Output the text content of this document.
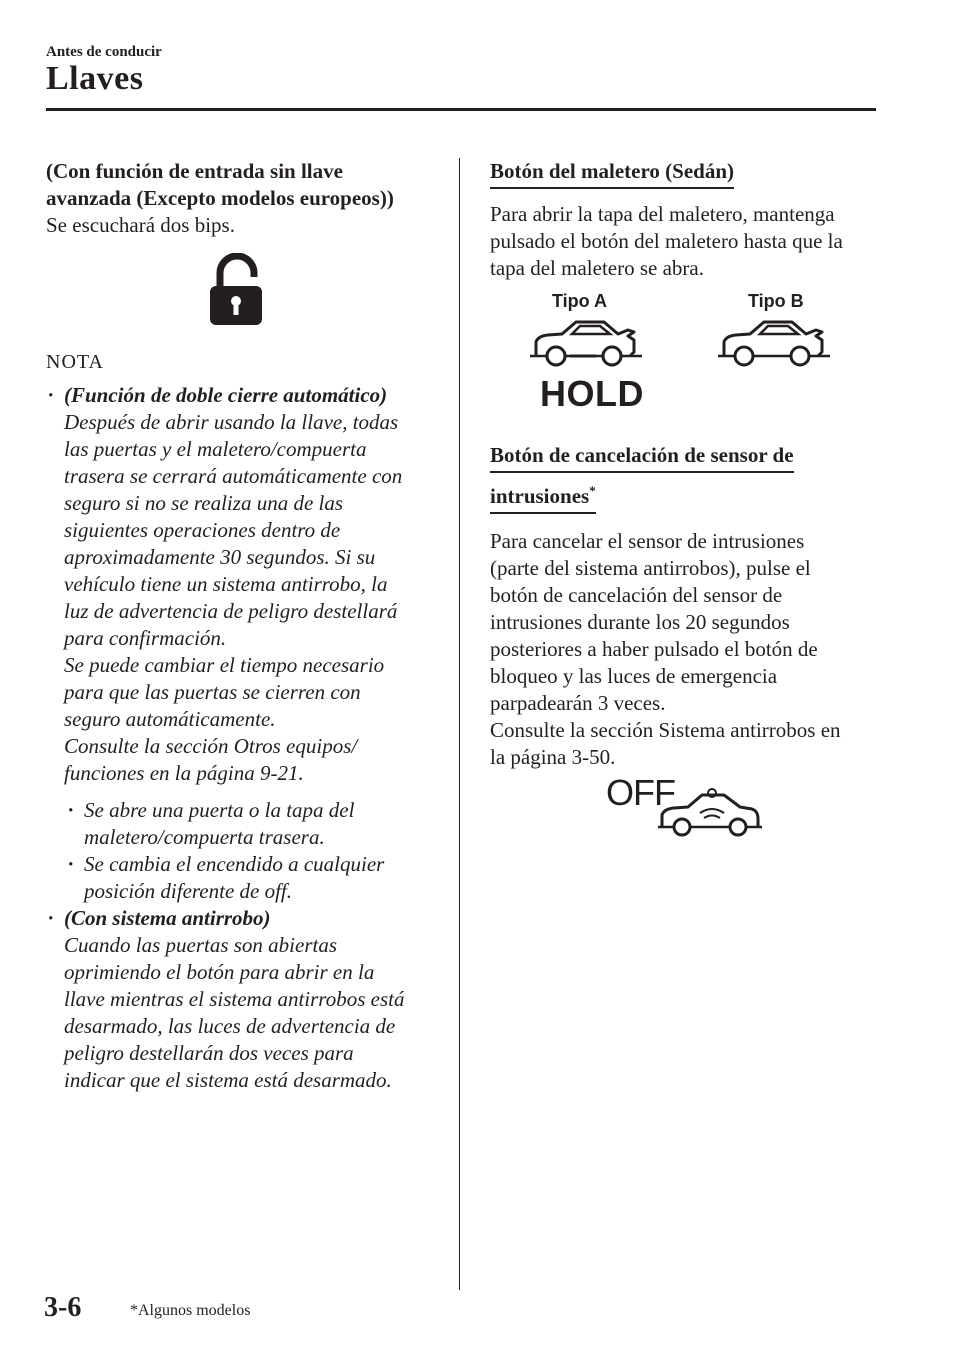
Antes de conducir
Llaves
(Con función de entrada sin llave
avanzada (Excepto modelos europeos))
Se escuchará dos bips.
NOTA
· (Función de doble cierre automático)
Después de abrir usando la llave, todas
las puertas y el maletero/compuerta
trasera se cerrará automáticamente con
seguro si no se realiza una de las
siguientes operaciones dentro de
aproximadamente 30 segundos. Si su
vehículo tiene un sistema antirrobo, la
luz de advertencia de peligro destellará
para confirmación.
Se puede cambiar el tiempo necesario
para que las puertas se cierren con
seguro automáticamente.
Consulte la sección Otros equipos/
funciones en la página 9-21.
· Se abre una puerta o la tapa del
maletero/compuerta trasera.
· Se cambia el encendido a cualquier
posición diferente de off.
· (Con sistema antirrobo)
Cuando las puertas son abiertas
oprimiendo el botón para abrir en la
llave mientras el sistema antirrobos está
desarmado, las luces de advertencia de
peligro destellarán dos veces para
indicar que el sistema está desarmado.
Botón del maletero (Sedán)
Para abrir la tapa del maletero, mantenga
pulsado el botón del maletero hasta que la
tapa del maletero se abra.
Tipo A	Tipo B
HOLD
Botón de cancelación de sensor de
intrusiones*
Para cancelar el sensor de intrusiones
(parte del sistema antirrobos), pulse el
botón de cancelación del sensor de
intrusiones durante los 20 segundos
posteriores a haber pulsado el botón de
bloqueo y las luces de emergencia
parpadearán 3 veces.
Consulte la sección Sistema antirrobos en
la página 3-50.
OFF
3-6	*Algunos modelos
